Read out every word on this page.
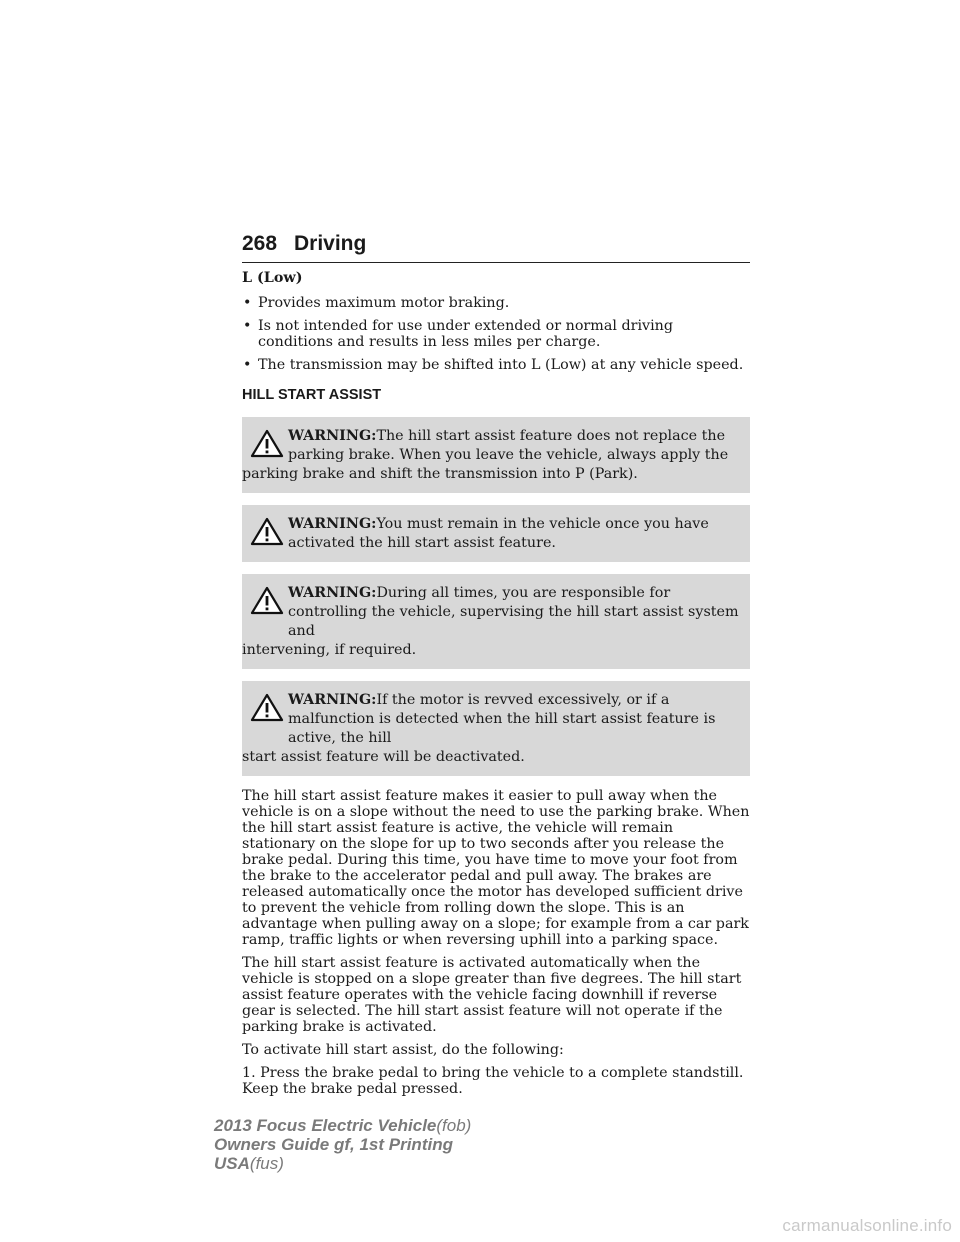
268 Driving
L (Low)
• Provides maximum motor braking.
• Is not intended for use under extended or normal driving conditions and results in less miles per charge.
• The transmission may be shifted into L (Low) at any vehicle speed.
HILL START ASSIST
WARNING:The hill start assist feature does not replace the parking brake. When you leave the vehicle, always apply the
parking brake and shift the transmission into P (Park).
WARNING:You must remain in the vehicle once you have activated the hill start assist feature.
WARNING:During all times, you are responsible for controlling the vehicle, supervising the hill start assist system and
intervening, if required.
WARNING:If the motor is revved excessively, or if a malfunction is detected when the hill start assist feature is active, the hill
start assist feature will be deactivated.

The hill start assist feature makes it easier to pull away when the vehicle is on a slope without the need to use the parking brake. When the hill start assist feature is active, the vehicle will remain stationary on the slope for up to two seconds after you release the brake pedal. During this time, you have time to move your foot from the brake to the accelerator pedal and pull away. The brakes are released automatically once the motor has developed sufficient drive to prevent the vehicle from rolling down the slope. This is an advantage when pulling away on a slope; for example from a car park ramp, traffic lights or when reversing uphill into a parking space.

The hill start assist feature is activated automatically when the vehicle is stopped on a slope greater than five degrees. The hill start assist feature operates with the vehicle facing downhill if reverse gear is selected. The hill start assist feature will not operate if the parking brake is activated.

To activate hill start assist, do the following:

1. Press the brake pedal to bring the vehicle to a complete standstill. Keep the brake pedal pressed.

2013 Focus Electric Vehicle(fob)
Owners Guide gf, 1st Printing
USA(fus)
carmanualsonline.info
